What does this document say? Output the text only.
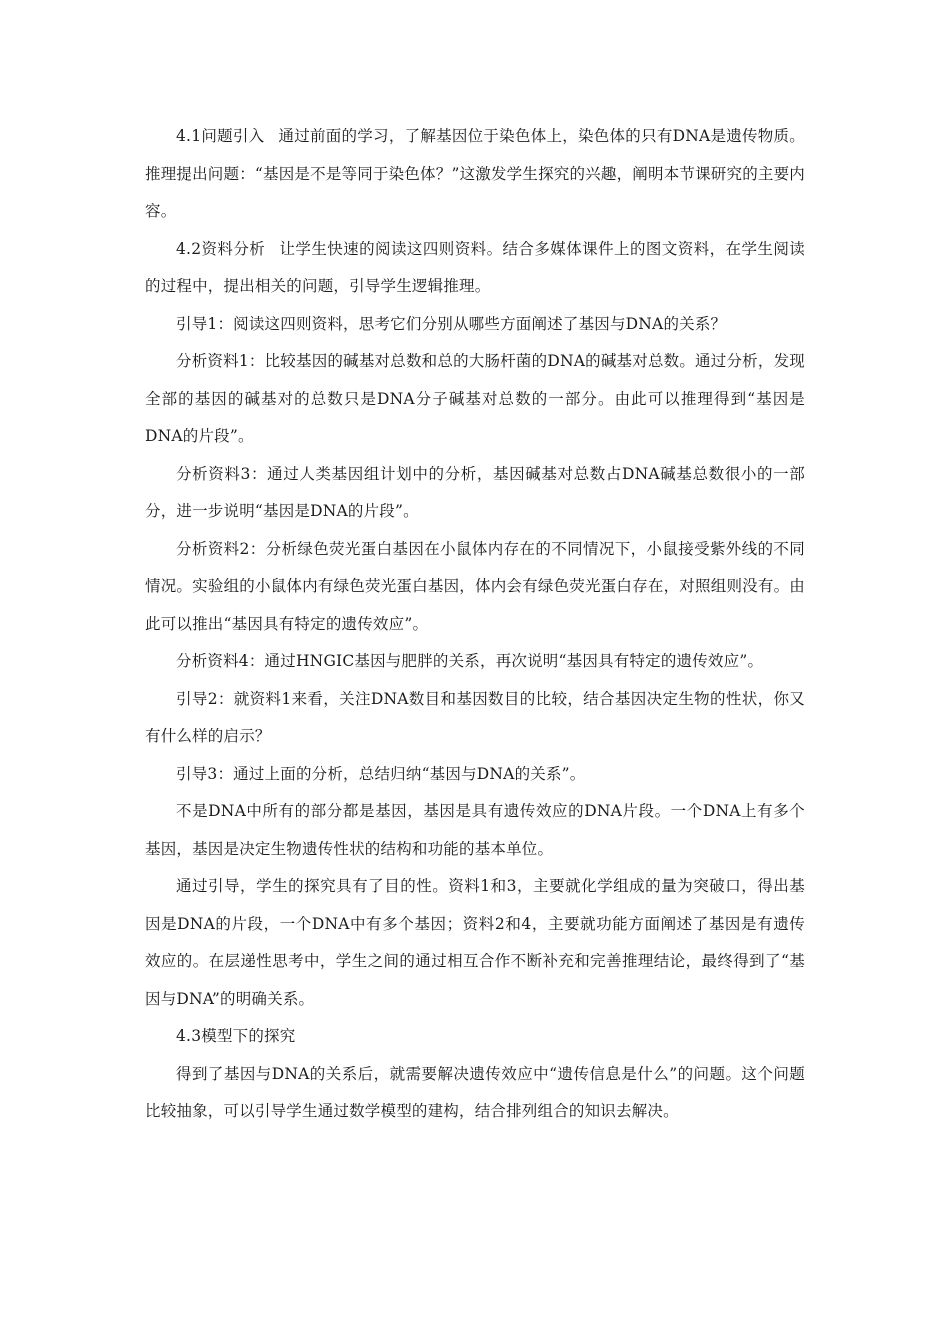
4.1问题引入 通过前面的学习，了解基因位于染色体上，染色体的只有DNA是遗传物质。推理提出问题：“基因是不是等同于染色体？”这激发学生探究的兴趣，阐明本节课研究的主要内容。

4.2资料分析 让学生快速的阅读这四则资料。结合多媒体课件上的图文资料，在学生阅读的过程中，提出相关的问题，引导学生逻辑推理。

引导1：阅读这四则资料，思考它们分别从哪些方面阐述了基因与DNA的关系？

分析资料1：比较基因的碱基对总数和总的大肠杆菌的DNA的碱基对总数。通过分析，发现全部的基因的碱基对的总数只是DNA分子碱基对总数的一部分。由此可以推理得到“基因是DNA的片段”。

分析资料3：通过人类基因组计划中的分析，基因碱基对总数占DNA碱基总数很小的一部分，进一步说明“基因是DNA的片段”。

分析资料2：分析绿色荧光蛋白基因在小鼠体内存在的不同情况下，小鼠接受紫外线的不同情况。实验组的小鼠体内有绿色荧光蛋白基因，体内会有绿色荧光蛋白存在，对照组则没有。由此可以推出“基因具有特定的遗传效应”。

分析资料4：通过HNGIC基因与肥胖的关系，再次说明“基因具有特定的遗传效应”。

引导2：就资料1来看，关注DNA数目和基因数目的比较，结合基因决定生物的性状，你又有什么样的启示？

引导3：通过上面的分析，总结归纳“基因与DNA的关系”。

不是DNA中所有的部分都是基因，基因是具有遗传效应的DNA片段。一个DNA上有多个基因，基因是决定生物遗传性状的结构和功能的基本单位。

通过引导，学生的探究具有了目的性。资料1和3，主要就化学组成的量为突破口，得出基因是DNA的片段，一个DNA中有多个基因；资料2和4，主要就功能方面阐述了基因是有遗传效应的。在层递性思考中，学生之间的通过相互合作不断补充和完善推理结论，最终得到了“基因与DNA”的明确关系。

4.3模型下的探究

得到了基因与DNA的关系后，就需要解决遗传效应中“遗传信息是什么”的问题。这个问题比较抽象，可以引导学生通过数学模型的建构，结合排列组合的知识去解决。
